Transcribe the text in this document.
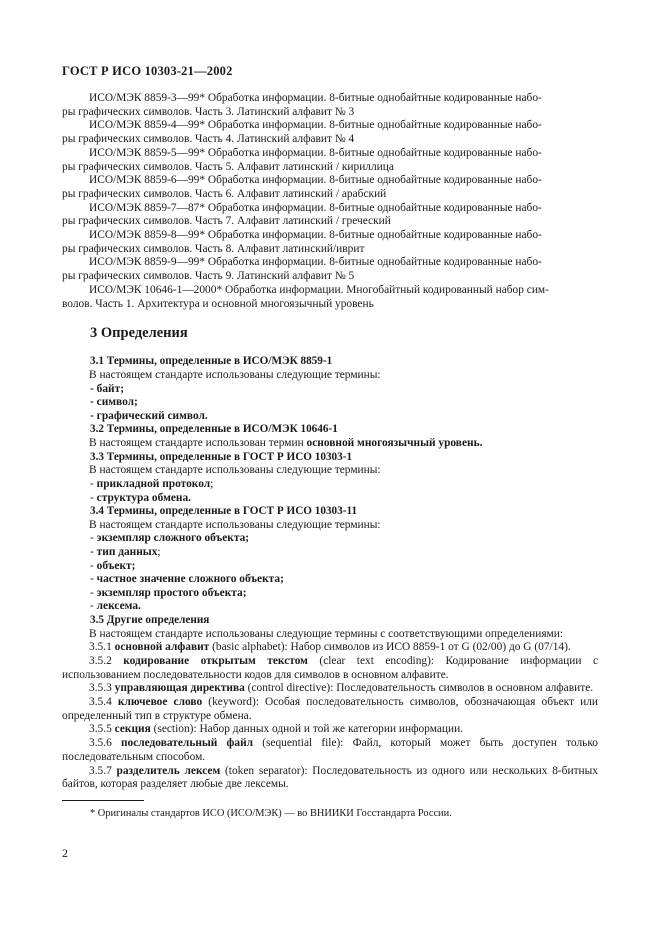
ГОСТ Р ИСО 10303-21—2002

ИСО/МЭК 8859-3—99* Обработка информации. 8-битные однобайтные кодированные набо-
ры графических символов. Часть 3. Латинский алфавит № 3

ИСО/МЭК 8859-4—99* Обработка информации. 8-битные однобайтные кодированные набо-
ры графических символов. Часть 4. Латинский алфавит № 4

ИСО/МЭК 8859-5—99* Обработка информации. 8-битные однобайтные кодированные набо-
ры графических символов. Часть 5. Алфавит латинский / кириллица

ИСО/МЭК 8859-6—99* Обработка информации. 8-битные однобайтные кодированные набо-
ры графических символов. Часть 6. Алфавит латинский / арабский

ИСО/МЭК 8859-7—87* Обработка информации. 8-битные однобайтные кодированные набо-
ры графических символов. Часть 7. Алфавит латинский / греческий

ИСО/МЭК 8859-8—99* Обработка информации. 8-битные однобайтные кодированные набо-
ры графических символов. Часть 8. Алфавит латинский/иврит

ИСО/МЭК 8859-9—99* Обработка информации. 8-битные однобайтные кодированные набо-
ры графических символов. Часть 9. Латинский алфавит № 5

ИСО/МЭК 10646-1—2000* Обработка информации. Многобайтный кодированный набор сим-
волов. Часть 1. Архитектура и основной многоязычный уровень

3 Определения
3.1 Термины, определенные в ИСО/МЭК 8859-1

В настоящем стандарте использованы следующие термины:

- байт;
- символ;
- графический символ.
3.2 Термины, определенные в ИСО/МЭК 10646-1

В настоящем стандарте использован термин основной многоязычный уровень.

3.3 Термины, определенные в ГОСТ Р ИСО 10303-1

В настоящем стандарте использованы следующие термины:

- прикладной протокол;
- структура обмена.
3.4 Термины, определенные в ГОСТ Р ИСО 10303-11

В настоящем стандарте использованы следующие термины:

- экземпляр сложного объекта;
- тип данных;
- объект;
- частное значение сложного объекта;
- экземпляр простого объекта;
- лексема.
3.5 Другие определения

В настоящем стандарте использованы следующие термины с соответствующими определениями:

3.5.1 основной алфавит (basic alphabet): Набор символов из ИСО 8859-1 от G (02/00) до G (07/14).

3.5.2 кодирование открытым текстом (clear text encoding): Кодирование информации с использованием последовательности кодов для символов в основном алфавите.

3.5.3 управляющая директива (control directive): Последовательность символов в основном алфавите.

3.5.4 ключевое слово (keyword): Особая последовательность символов, обозначающая объект или определенный тип в структуре обмена.

3.5.5 секция (section): Набор данных одной и той же категории информации.

3.5.6 последовательный файл (sequential file): Файл, который может быть доступен только последовательным способом.

3.5.7 разделитель лексем (token separator): Последовательность из одного или нескольких 8-битных байтов, которая разделяет любые две лексемы.

* Оригиналы стандартов ИСО (ИСО/МЭК) — во ВНИИКИ Госстандарта России.
2
